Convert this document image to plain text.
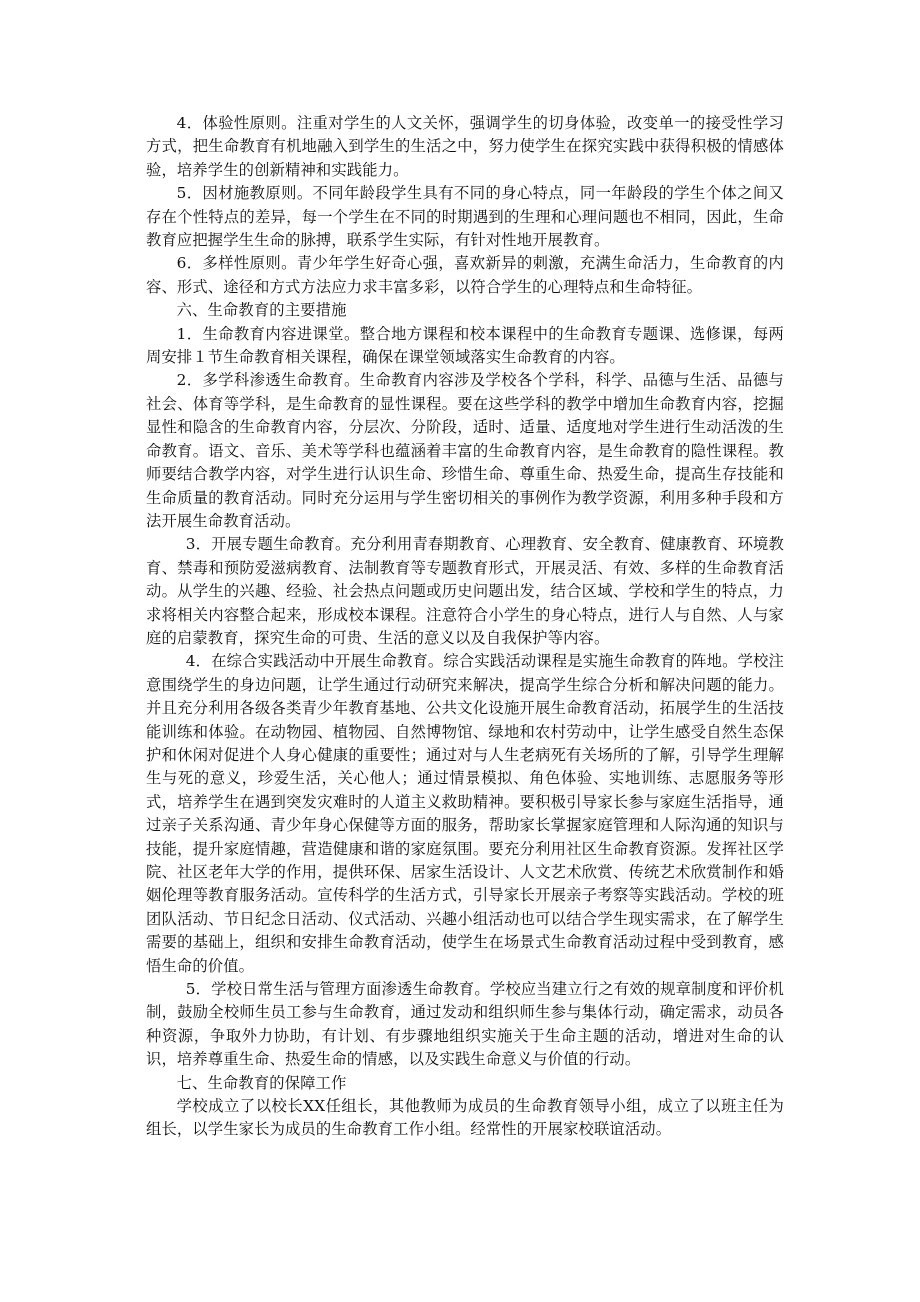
4．体验性原则。注重对学生的人文关怀，强调学生的切身体验，改变单一的接受性学习方式，把生命教育有机地融入到学生的生活之中，努力使学生在探究实践中获得积极的情感体验，培养学生的创新精神和实践能力。

5．因材施教原则。不同年龄段学生具有不同的身心特点，同一年龄段的学生个体之间又存在个性特点的差异，每一个学生在不同的时期遇到的生理和心理问题也不相同，因此，生命教育应把握学生生命的脉搏，联系学生实际，有针对性地开展教育。

6．多样性原则。青少年学生好奇心强，喜欢新异的刺激，充满生命活力，生命教育的内容、形式、途径和方式方法应力求丰富多彩，以符合学生的心理特点和生命特征。

六、生命教育的主要措施

1．生命教育内容进课堂。整合地方课程和校本课程中的生命教育专题课、选修课，每两周安排１节生命教育相关课程，确保在课堂领域落实生命教育的内容。

2．多学科渗透生命教育。生命教育内容涉及学校各个学科，科学、品德与生活、品德与社会、体育等学科，是生命教育的显性课程。要在这些学科的教学中增加生命教育内容，挖掘显性和隐含的生命教育内容，分层次、分阶段，适时、适量、适度地对学生进行生动活泼的生命教育。语文、音乐、美术等学科也蕴涵着丰富的生命教育内容，是生命教育的隐性课程。教师要结合教学内容，对学生进行认识生命、珍惜生命、尊重生命、热爱生命，提高生存技能和生命质量的教育活动。同时充分运用与学生密切相关的事例作为教学资源，利用多种手段和方法开展生命教育活动。

3．开展专题生命教育。充分利用青春期教育、心理教育、安全教育、健康教育、环境教育、禁毒和预防爱滋病教育、法制教育等专题教育形式，开展灵活、有效、多样的生命教育活动。从学生的兴趣、经验、社会热点问题或历史问题出发，结合区域、学校和学生的特点，力求将相关内容整合起来，形成校本课程。注意符合小学生的身心特点，进行人与自然、人与家庭的启蒙教育，探究生命的可贵、生活的意义以及自我保护等内容。

4．在综合实践活动中开展生命教育。综合实践活动课程是实施生命教育的阵地。学校注意围绕学生的身边问题，让学生通过行动研究来解决，提高学生综合分析和解决问题的能力。并且充分利用各级各类青少年教育基地、公共文化设施开展生命教育活动，拓展学生的生活技能训练和体验。在动物园、植物园、自然博物馆、绿地和农村劳动中，让学生感受自然生态保护和休闲对促进个人身心健康的重要性；通过对与人生老病死有关场所的了解，引导学生理解生与死的意义，珍爱生活，关心他人；通过情景模拟、角色体验、实地训练、志愿服务等形式，培养学生在遇到突发灾难时的人道主义救助精神。要积极引导家长参与家庭生活指导，通过亲子关系沟通、青少年身心保健等方面的服务，帮助家长掌握家庭管理和人际沟通的知识与技能，提升家庭情趣，营造健康和谐的家庭氛围。要充分利用社区生命教育资源。发挥社区学院、社区老年大学的作用，提供环保、居家生活设计、人文艺术欣赏、传统艺术欣赏制作和婚姻伦理等教育服务活动。宣传科学的生活方式，引导家长开展亲子考察等实践活动。学校的班团队活动、节日纪念日活动、仪式活动、兴趣小组活动也可以结合学生现实需求，在了解学生需要的基础上，组织和安排生命教育活动，使学生在场景式生命教育活动过程中受到教育，感悟生命的价值。

5．学校日常生活与管理方面渗透生命教育。学校应当建立行之有效的规章制度和评价机制，鼓励全校师生员工参与生命教育，通过发动和组织师生参与集体行动，确定需求，动员各种资源，争取外力协助，有计划、有步骤地组织实施关于生命主题的活动，增进对生命的认识，培养尊重生命、热爱生命的情感，以及实践生命意义与价值的行动。

七、生命教育的保障工作

学校成立了以校长XX任组长，其他教师为成员的生命教育领导小组，成立了以班主任为组长，以学生家长为成员的生命教育工作小组。经常性的开展家校联谊活动。
